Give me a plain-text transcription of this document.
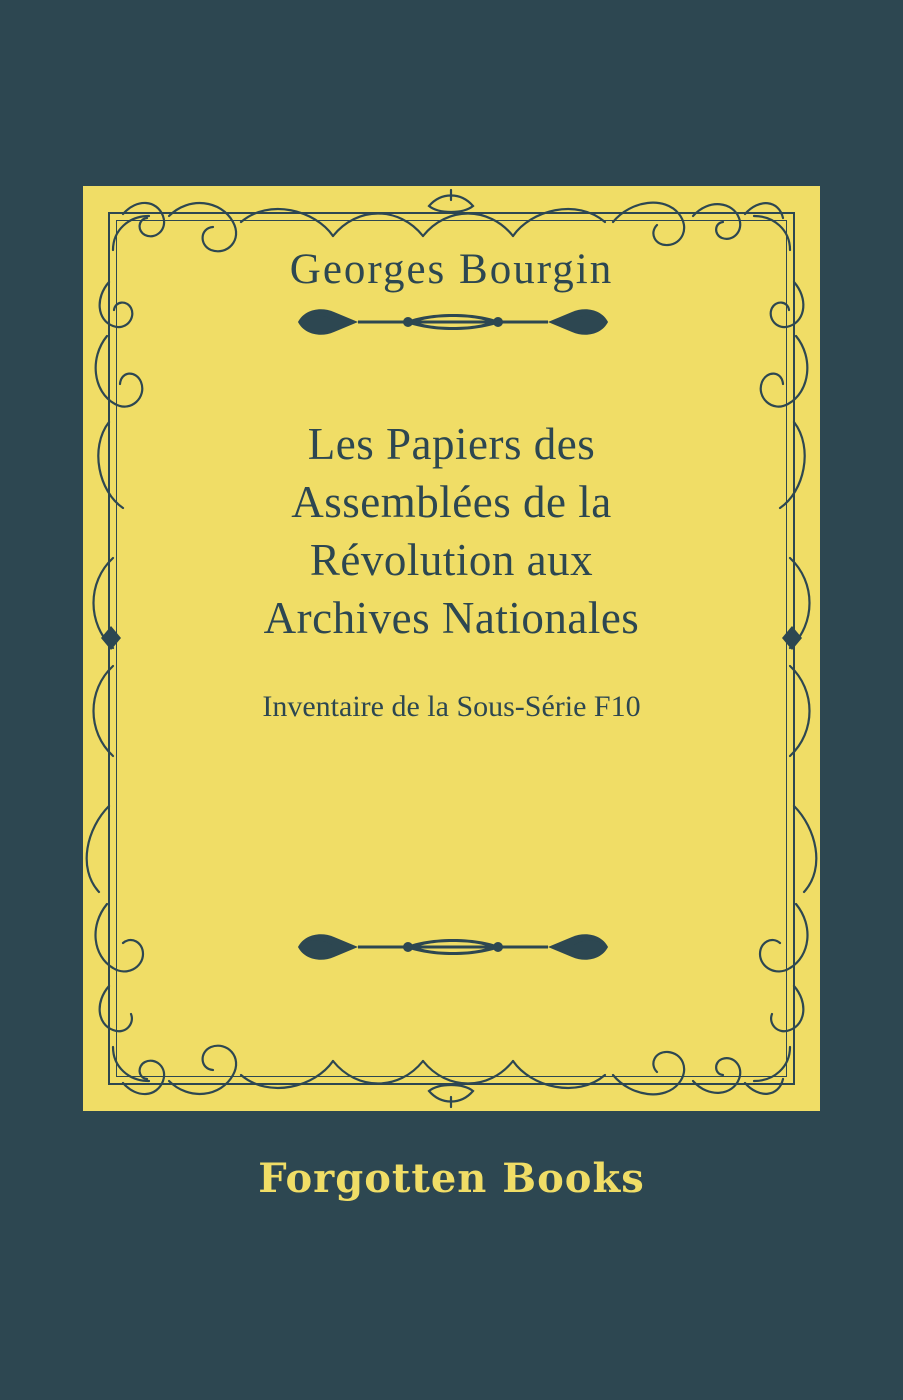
Georges Bourgin
Les Papiers des
Assemblées de la
Révolution aux
Archives Nationales
Inventaire de la Sous-Série F10
Forgotten Books
